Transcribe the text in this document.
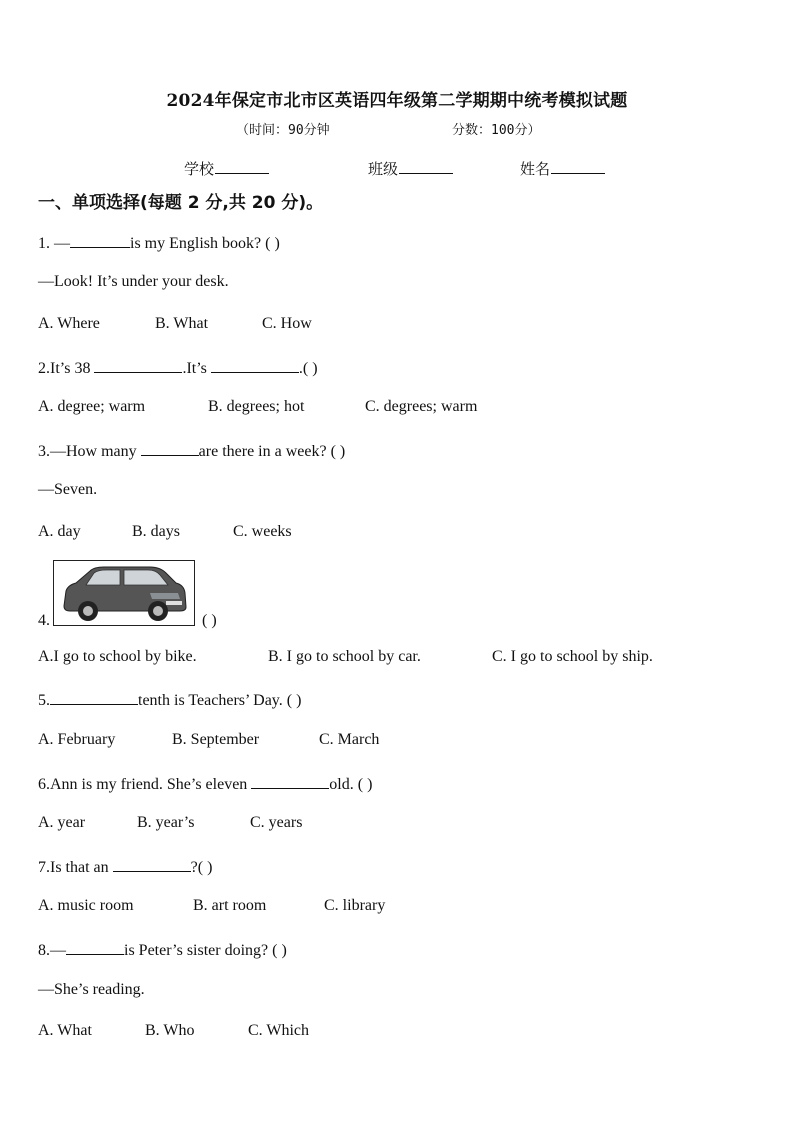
2024年保定市北市区英语四年级第二学期期中统考模拟试题
（时间：90分钟	分数：100分）
学校	班级	姓名
一、单项选择(每题 2 分,共 20 分)。
1. —	is my English book? ( )
—Look! It’s under your desk.
A. Where	B. What	C. How
2.It’s 38	.It’s	.( )
A. degree; warm	B. degrees; hot	C. degrees; warm
3.—How many	are there in a week? ( )
—Seven.
A. day	B. days	C. weeks
4.	( )
A.I go to school by bike.	B. I go to school by car.	C. I go to school by ship.
5.	tenth is Teachers’ Day. ( )
A. February	B. September	C. March
6.Ann is my friend. She’s eleven	old. ( )
A. year	B. year’s	C. years
7.Is that an	?( )
A. music room	B. art room	C. library
8.—	is Peter’s sister doing? ( )
—She’s reading.
A. What	B. Who	C. Which
